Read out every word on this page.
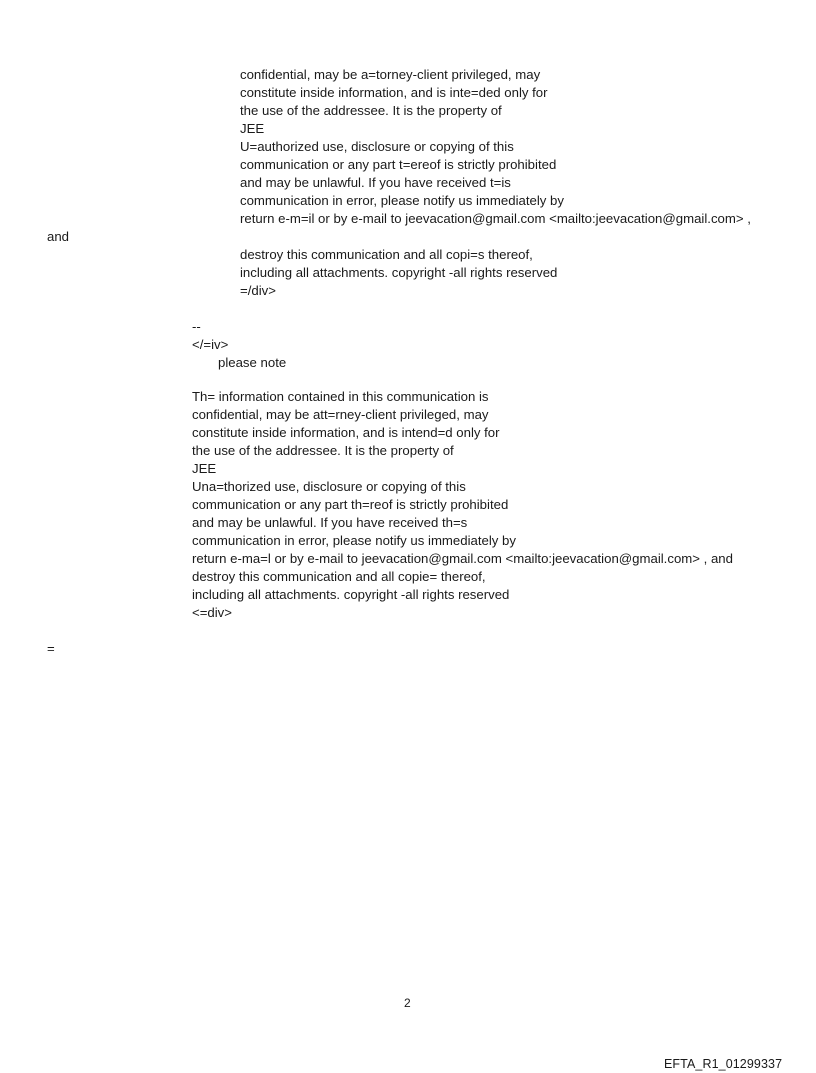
confidential, may be a=torney-client privileged, may
constitute inside information, and is inte=ded only for
the use of the addressee. It is the property of
JEE
U=authorized use, disclosure or copying of this
communication or any part t=ereof is strictly prohibited
and may be unlawful. If you have received t=is
communication in error, please notify us immediately by
return e-m=il or by e-mail to jeevacation@gmail.com <mailto:jeevacation@gmail.com> ,
and
destroy this communication and all copi=s thereof,
including all attachments. copyright -all rights reserved
=/div>
--
</=iv>
please note
Th= information contained in this communication is
confidential, may be att=rney-client privileged, may
constitute inside information, and is intend=d only for
the use of the addressee. It is the property of
JEE
Una=thorized use, disclosure or copying of this
communication or any part th=reof is strictly prohibited
and may be unlawful. If you have received th=s
communication in error, please notify us immediately by
return e-ma=l or by e-mail to jeevacation@gmail.com <mailto:jeevacation@gmail.com> , and
destroy this communication and all copie= thereof,
including all attachments. copyright -all rights reserved
<=div>
=
2
EFTA_R1_01299337
